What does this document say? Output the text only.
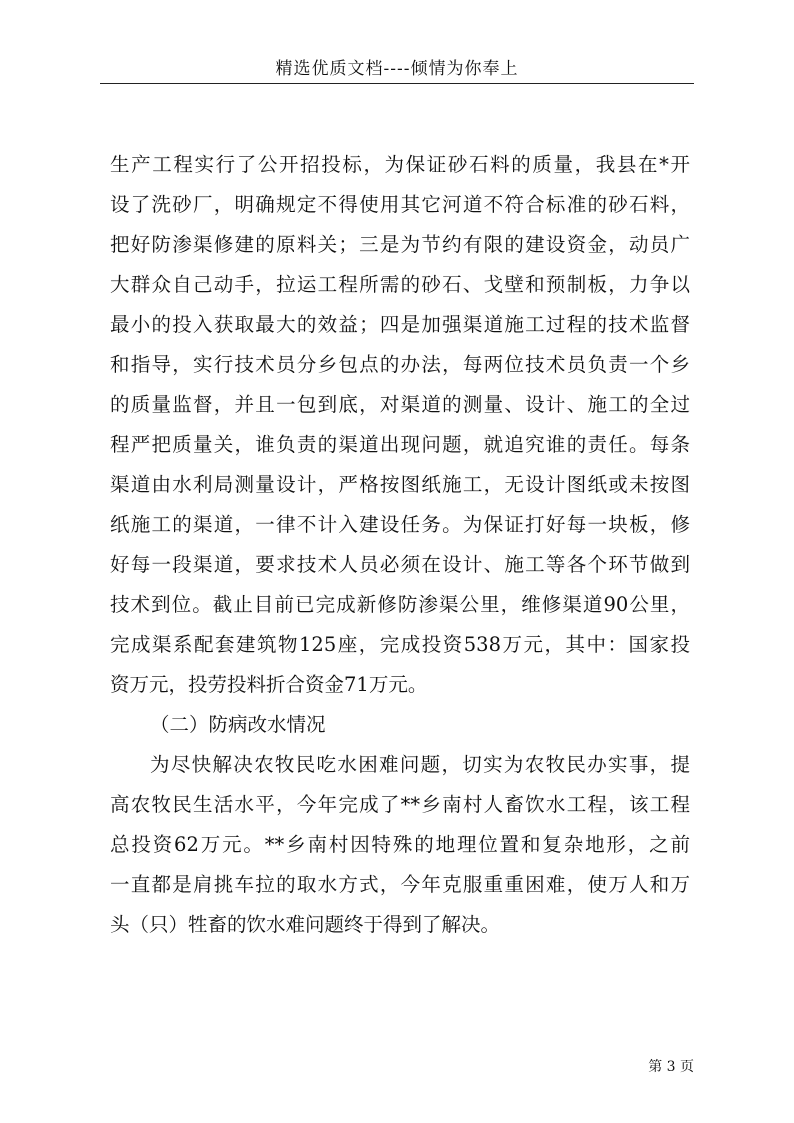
精选优质文档----倾情为你奉上
生产工程实行了公开招投标，为保证砂石料的质量，我县在*开
设了洗砂厂，明确规定不得使用其它河道不符合标准的砂石料，
把好防渗渠修建的原料关；三是为节约有限的建设资金，动员广
大群众自己动手，拉运工程所需的砂石、戈壁和预制板，力争以
最小的投入获取最大的效益；四是加强渠道施工过程的技术监督
和指导，实行技术员分乡包点的办法，每两位技术员负责一个乡
的质量监督，并且一包到底，对渠道的测量、设计、施工的全过
程严把质量关，谁负责的渠道出现问题，就追究谁的责任。每条
渠道由水利局测量设计，严格按图纸施工，无设计图纸或未按图
纸施工的渠道，一律不计入建设任务。为保证打好每一块板，修
好每一段渠道，要求技术人员必须在设计、施工等各个环节做到
技术到位。截止目前已完成新修防渗渠公里，维修渠道90公里，
完成渠系配套建筑物125座，完成投资538万元，其中：国家投
资万元，投劳投料折合资金71万元。
（二）防病改水情况
为尽快解决农牧民吃水困难问题，切实为农牧民办实事，提
高农牧民生活水平，今年完成了**乡南村人畜饮水工程，该工程
总投资62万元。**乡南村因特殊的地理位置和复杂地形，之前
一直都是肩挑车拉的取水方式，今年克服重重困难，使万人和万
头（只）牲畜的饮水难问题终于得到了解决。
第 3 页
